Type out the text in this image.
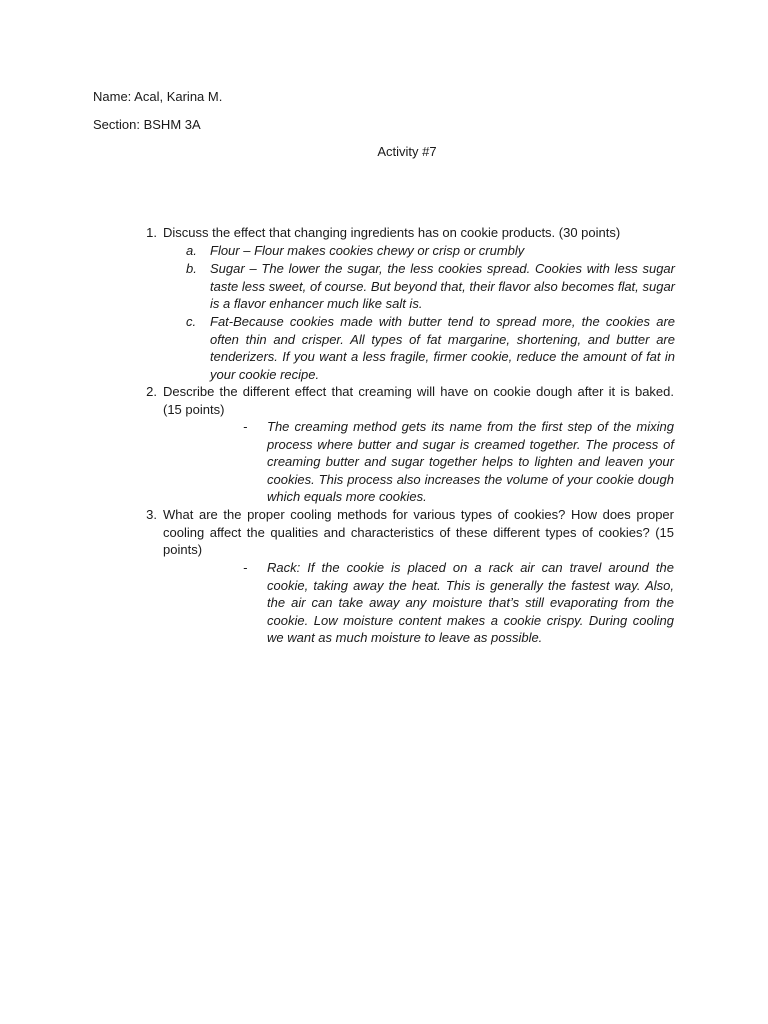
Name: Acal, Karina M.
Section: BSHM 3A
Activity #7
1. Discuss the effect that changing ingredients has on cookie products. (30 points)
a.	Flour – Flour makes cookies chewy or crisp or crumbly
b.	Sugar – The lower the sugar, the less cookies spread. Cookies with less sugar taste less sweet, of course. But beyond that, their flavor also becomes flat, sugar is a flavor enhancer much like salt is.
c.	Fat-Because cookies made with butter tend to spread more, the cookies are often thin and crisper. All types of fat margarine, shortening, and butter are tenderizers. If you want a less fragile, firmer cookie, reduce the amount of fat in your cookie recipe.
2. Describe the different effect that creaming will have on cookie dough after it is baked. (15 points)
-	The creaming method gets its name from the first step of the mixing process where butter and sugar is creamed together. The process of creaming butter and sugar together helps to lighten and leaven your cookies. This process also increases the volume of your cookie dough which equals more cookies.
3. What are the proper cooling methods for various types of cookies? How does proper cooling affect the qualities and characteristics of these different types of cookies? (15 points)
-	Rack: If the cookie is placed on a rack air can travel around the cookie, taking away the heat. This is generally the fastest way. Also, the air can take away any moisture that’s still evaporating from the cookie. Low moisture content makes a cookie crispy. During cooling we want as much moisture to leave as possible.
